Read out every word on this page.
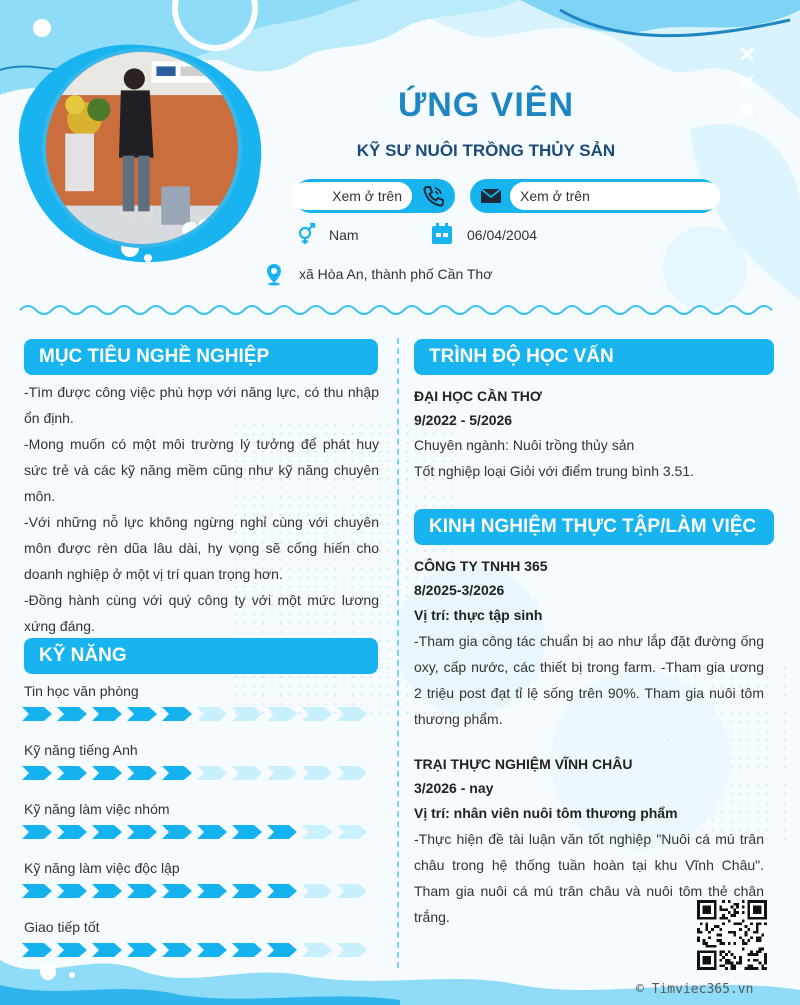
ỨNG VIÊN
KỸ SƯ NUÔI TRỒNG THỦY SẢN
Xem ở trên	Xem ở trên
Nam	06/04/2004
xã Hòa An, thành phố Cần Thơ
MỤC TIÊU NGHỀ NGHIỆP

-Tìm được công việc phù hợp với năng lực, có thu nhập ổn định.

-Mong muốn có một môi trường lý tưởng để phát huy sức trẻ và các kỹ năng mềm cũng như kỹ năng chuyên môn.

-Với những nỗ lực không ngừng nghỉ cùng với chuyên môn được rèn dũa lâu dài, hy vọng sẽ cống hiến cho doanh nghiệp ở một vị trí quan trọng hơn.

-Đồng hành cùng với quý công ty với một mức lương xứng đáng.

KỸ NĂNG
Tin học văn phòng
Kỹ năng tiếng Anh
Kỹ năng làm việc nhóm
Kỹ năng làm việc độc lập
Giao tiếp tốt
TRÌNH ĐỘ HỌC VẤN
ĐẠI HỌC CẦN THƠ
9/2022 - 5/2026
Chuyên ngành: Nuôi trồng thủy sản
Tốt nghiệp loại Giỏi với điểm trung bình 3.51.
KINH NGHIỆM THỰC TẬP/LÀM VIỆC
CÔNG TY TNHH 365
8/2025-3/2026
Vị trí: thực tập sinh
-Tham gia công tác chuẩn bị ao như lắp đặt đường ống oxy, cấp nước, các thiết bị trong farm. -Tham gia ương 2 triệu post đạt tỉ lệ sống trên 90%. Tham gia nuôi tôm thương phẩm.
TRẠI THỰC NGHIỆM VĨNH CHÂU
3/2026 - nay
Vị trí: nhân viên nuôi tôm thương phẩm
-Thực hiện đề tài luận văn tốt nghiệp "Nuôi cá mú trân châu trong hệ thống tuần hoàn tại khu Vĩnh Châu". Tham gia nuôi cá mú trân châu và nuôi tôm thẻ chân trắng.
© Timviec365.vn
